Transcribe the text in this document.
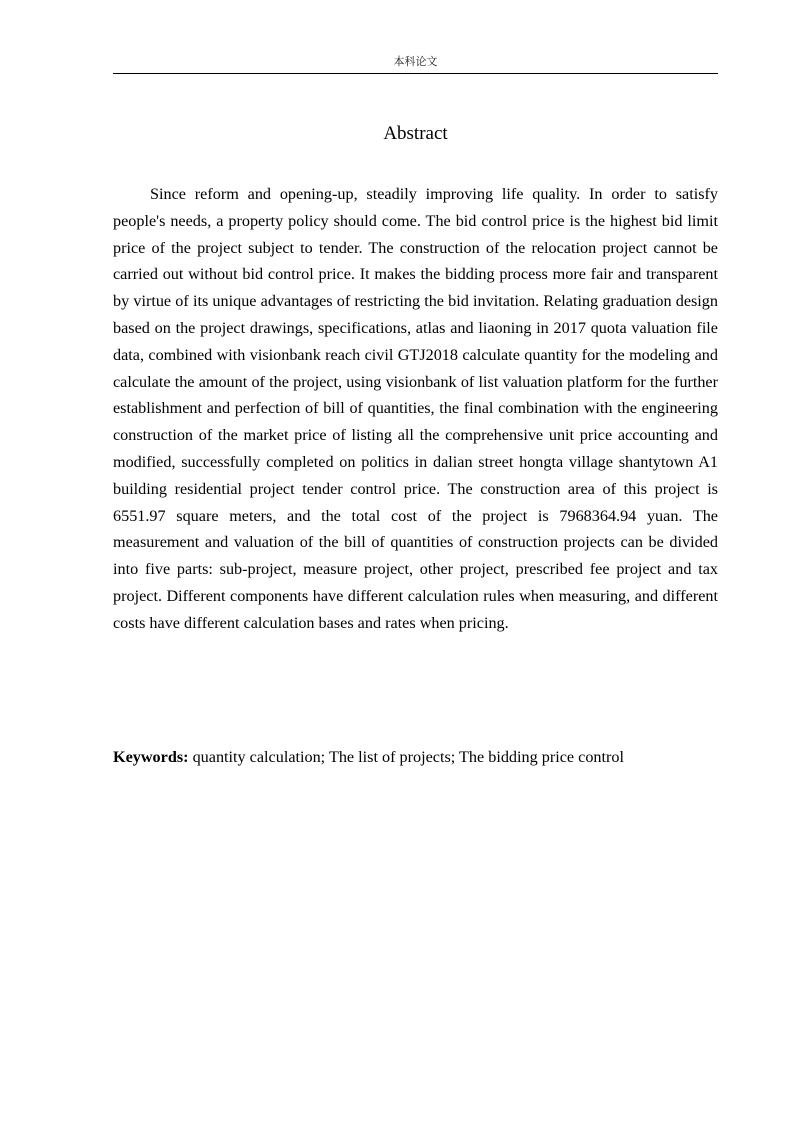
本科论文
Abstract

Since reform and opening-up, steadily improving life quality. In order to satisfy people's needs, a property policy should come. The bid control price is the highest bid limit price of the project subject to tender. The construction of the relocation project cannot be carried out without bid control price. It makes the bidding process more fair and transparent by virtue of its unique advantages of restricting the bid invitation. Relating graduation design based on the project drawings, specifications, atlas and liaoning in 2017 quota valuation file data, combined with visionbank reach civil GTJ2018 calculate quantity for the modeling and calculate the amount of the project, using visionbank of list valuation platform for the further establishment and perfection of bill of quantities, the final combination with the engineering construction of the market price of listing all the comprehensive unit price accounting and modified, successfully completed on politics in dalian street hongta village shantytown A1 building residential project tender control price. The construction area of this project is 6551.97 square meters, and the total cost of the project is 7968364.94 yuan. The measurement and valuation of the bill of quantities of construction projects can be divided into five parts: sub-project, measure project, other project, prescribed fee project and tax project. Different components have different calculation rules when measuring, and different costs have different calculation bases and rates when pricing.

Keywords: quantity calculation; The list of projects; The bidding price control
